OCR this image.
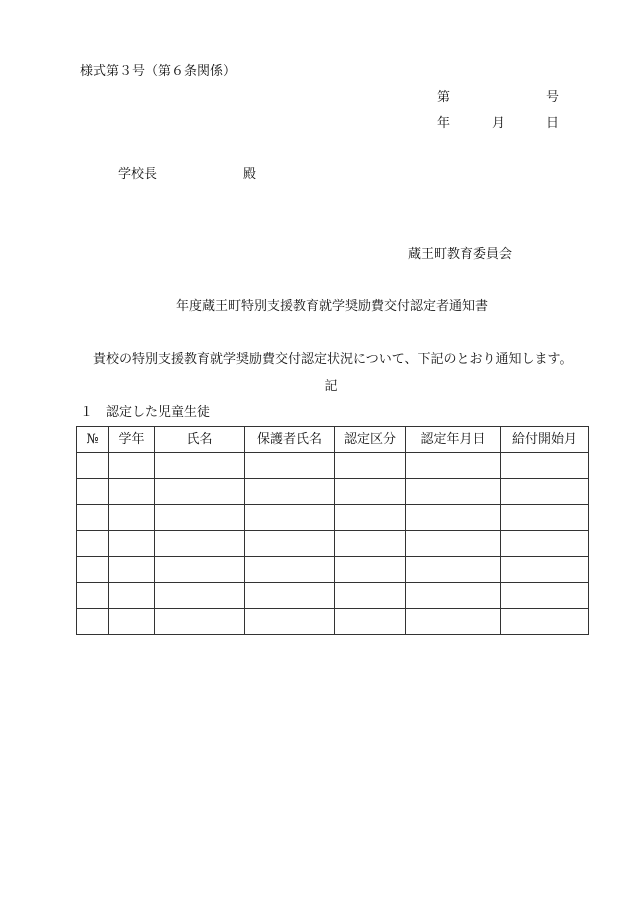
様式第３号（第６条関係）
第	号
年	月	日
学校長	殿
蔵王町教育委員会
年度蔵王町特別支援教育就学奨励費交付認定者通知書
貴校の特別支援教育就学奨励費交付認定状況について、下記のとおり通知します。
記
１　認定した児童生徒
№	学年	氏名	保護者氏名	認定区分	認定年月日	給付開始月
